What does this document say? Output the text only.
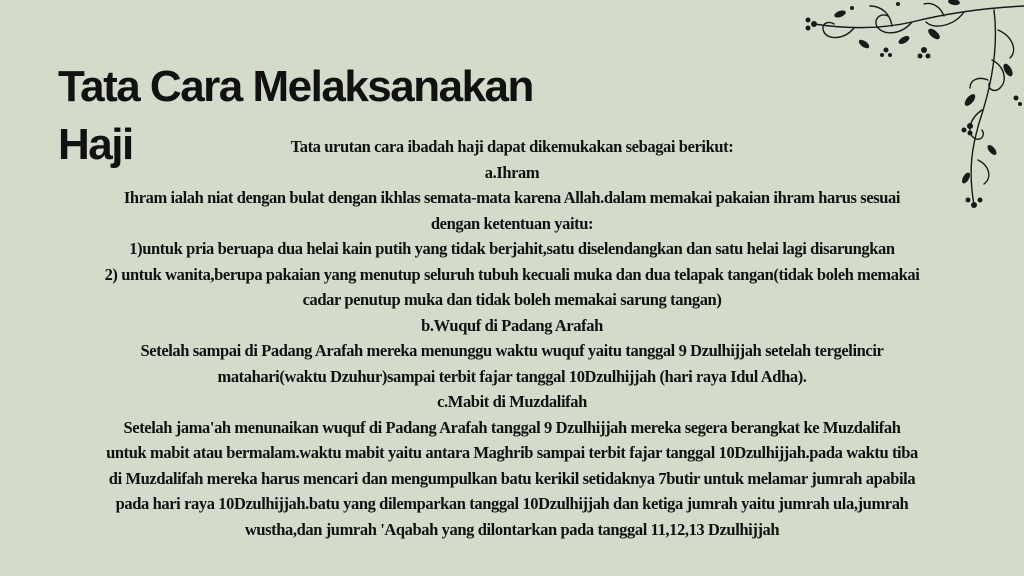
Tata Cara Melaksanakan
Haji	Tata urutan cara ibadah haji dapat dikemukakan sebagai berikut:

a.Ihram

Ihram ialah niat dengan bulat dengan ikhlas semata-mata karena Allah.dalam memakai pakaian ihram harus sesuai

dengan ketentuan yaitu:

1)untuk pria beruapa dua helai kain putih yang tidak berjahit,satu diselendangkan dan satu helai lagi disarungkan

2) untuk wanita,berupa pakaian yang menutup seluruh tubuh kecuali muka dan dua telapak tangan(tidak boleh memakai

cadar penutup muka dan tidak boleh memakai sarung tangan)

b.Wuquf di Padang Arafah

Setelah sampai di Padang Arafah mereka menunggu waktu wuquf yaitu tanggal 9 Dzulhijjah setelah tergelincir

matahari(waktu Dzuhur)sampai terbit fajar tanggal 10Dzulhijjah (hari raya Idul Adha).

c.Mabit di Muzdalifah

Setelah jama'ah menunaikan wuquf di Padang Arafah tanggal 9 Dzulhijjah mereka segera berangkat ke Muzdalifah

untuk mabit atau bermalam.waktu mabit yaitu antara Maghrib sampai terbit fajar tanggal 10Dzulhijjah.pada waktu tiba

di Muzdalifah mereka harus mencari dan mengumpulkan batu kerikil setidaknya 7butir untuk melamar jumrah apabila

pada hari raya 10Dzulhijjah.batu yang dilemparkan tanggal 10Dzulhijjah dan ketiga jumrah yaitu jumrah ula,jumrah

wustha,dan jumrah 'Aqabah yang dilontarkan pada tanggal 11,12,13 Dzulhijjah
